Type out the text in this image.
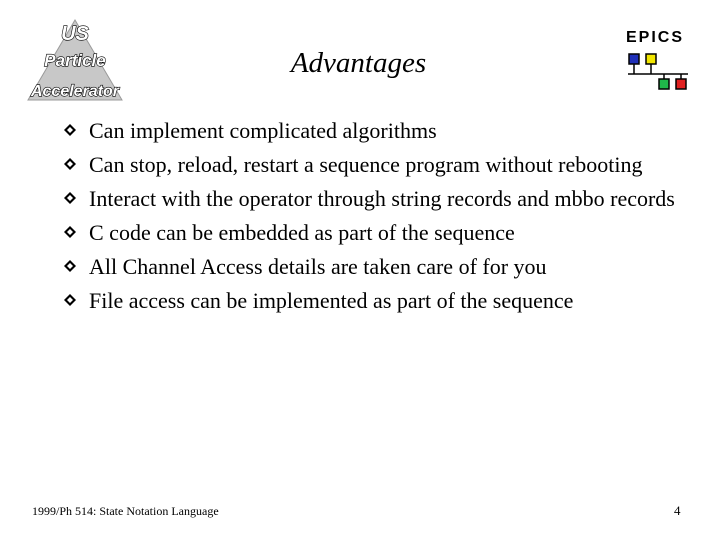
US
Particle
Accelerator
Advantages
EPICS
Can implement complicated algorithms
Can stop, reload, restart a sequence program without rebooting
Interact with the operator through string records and mbbo records
C code can be embedded as part of the sequence
All Channel Access details are taken care of for you
File access can be implemented as part of the sequence
1999/Ph 514: State Notation Language	4
